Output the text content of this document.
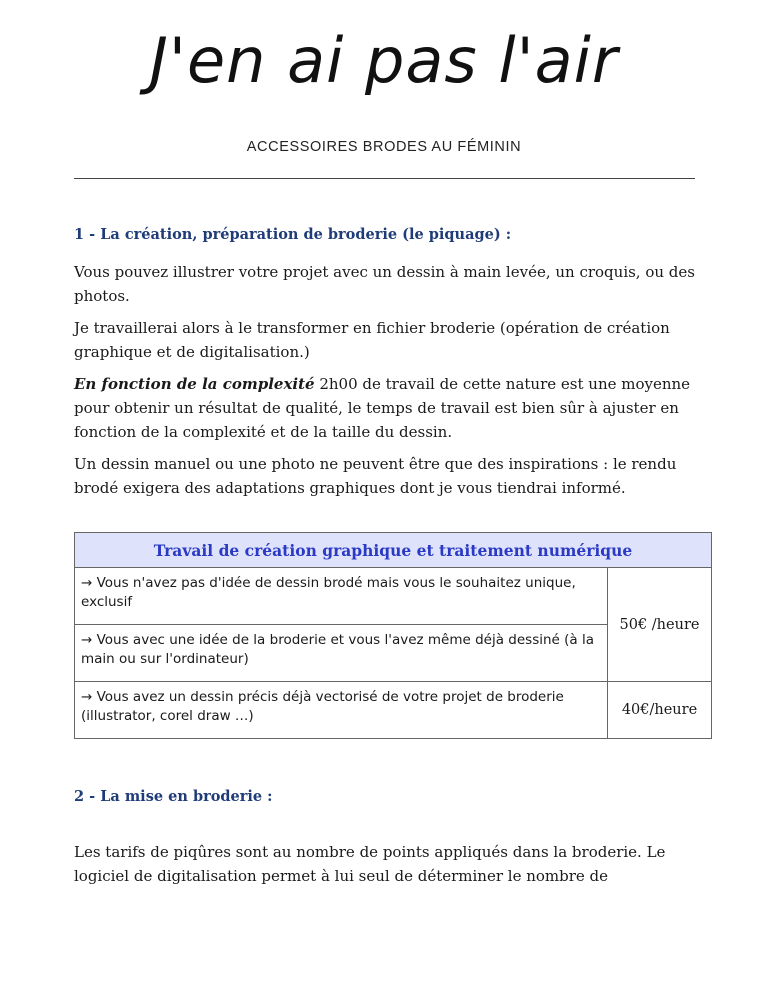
J'en ai pas l'air
ACCESSOIRES BRODES AU FÉMININ
1 - La création, préparation de broderie (le piquage) :

Vous pouvez illustrer votre projet avec un dessin à main levée, un croquis, ou des photos.

Je travaillerai alors à le transformer en fichier broderie (opération de création graphique et de digitalisation.)

En fonction de la complexité 2h00 de travail de cette nature est une moyenne pour obtenir un résultat de qualité, le temps de travail est bien sûr à ajuster en fonction de la complexité et de la taille du dessin.

Un dessin manuel ou une photo ne peuvent être que des inspirations : le rendu brodé exigera des adaptations graphiques dont je vous tiendrai informé.

Travail de création graphique et traitement numérique	
→ Vous n'avez pas d'idée de dessin brodé mais vous le souhaitez unique, exclusif	50€ /heure
→ Vous avec une idée de la broderie et vous l'avez même déjà dessiné (à la main ou sur l'ordinateur)	
→ Vous avez un dessin précis déjà vectorisé de votre projet de broderie (illustrator, corel draw …)	40€/heure
2 - La mise en broderie :

Les tarifs de piqûres sont au nombre de points appliqués dans la broderie. Le logiciel de digitalisation permet à lui seul de déterminer le nombre de
